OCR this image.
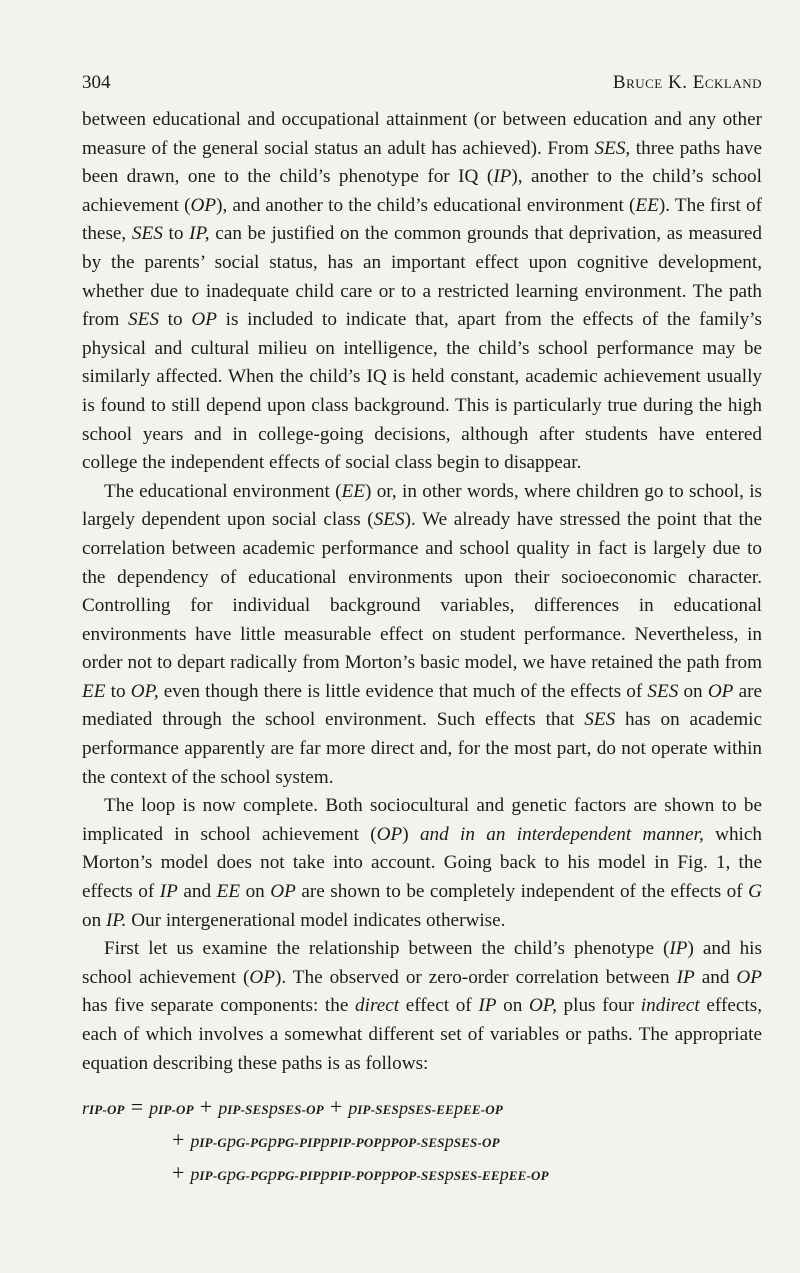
304	Bruce K. Eckland

between educational and occupational attainment (or between education and any other measure of the general social status an adult has achieved). From SES, three paths have been drawn, one to the child’s phenotype for IQ (IP), another to the child’s school achievement (OP), and another to the child’s educational environment (EE). The first of these, SES to IP, can be justified on the common grounds that deprivation, as measured by the parents’ social status, has an important effect upon cognitive development, whether due to inadequate child care or to a restricted learning environment. The path from SES to OP is included to indicate that, apart from the effects of the family’s physical and cultural milieu on intelligence, the child’s school performance may be similarly affected. When the child’s IQ is held constant, academic achievement usually is found to still depend upon class background. This is particularly true during the high school years and in college-going decisions, although after students have entered college the independent effects of social class begin to disappear.

The educational environment (EE) or, in other words, where children go to school, is largely dependent upon social class (SES). We already have stressed the point that the correlation between academic performance and school quality in fact is largely due to the dependency of educational environments upon their socioeconomic character. Controlling for individual background variables, differences in educational environments have little measurable effect on student performance. Nevertheless, in order not to depart radically from Morton’s basic model, we have retained the path from EE to OP, even though there is little evidence that much of the effects of SES on OP are mediated through the school environment. Such effects that SES has on academic performance apparently are far more direct and, for the most part, do not operate within the context of the school system.

The loop is now complete. Both sociocultural and genetic factors are shown to be implicated in school achievement (OP) and in an interdependent manner, which Morton’s model does not take into account. Going back to his model in Fig. 1, the effects of IP and EE on OP are shown to be completely independent of the effects of G on IP. Our intergenerational model indicates otherwise.

First let us examine the relationship between the child’s phenotype (IP) and his school achievement (OP). The observed or zero-order correlation between IP and OP has five separate components: the direct effect of IP on OP, plus four indirect effects, each of which involves a somewhat different set of variables or paths. The appropriate equation describing these paths is as follows:

rIP-OP = pIP-OP + pIP-SESpSES-OP + pIP-SESpSES-EEpEE-OP
+ pIP-GpG-PGpPG-PIPpPIP-POPpPOP-SESpSES-OP
+ pIP-GpG-PGpPG-PIPpPIP-POPpPOP-SESpSES-EEpEE-OP
